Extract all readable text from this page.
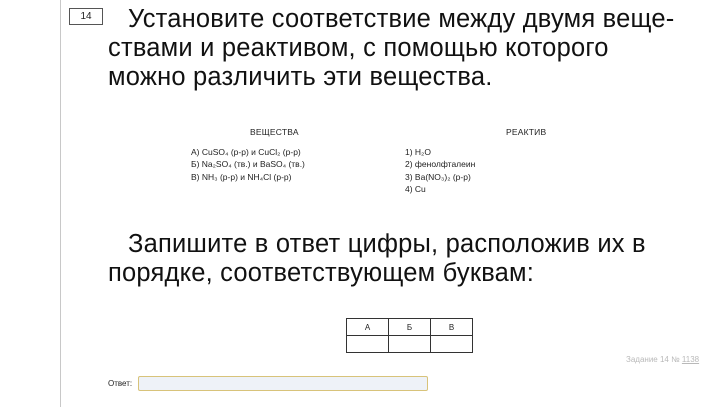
14	Установите соответствие между двумя веще-
ствами и реактивом, с помощью которого
можно различить эти вещества.
ВЕЩЕСТВА	РЕАКТИВ
А) CuSO₄ (р-р) и CuCl₂ (р-р)
Б) Na₂SO₄ (тв.) и BaSO₄ (тв.)
В) NH₃ (р-р) и NH₄Cl (р-р)
1) H₂O
2) фенолфталеин
3) Ba(NO₃)₂ (р-р)
4) Cu
Запишите в ответ цифры, расположив их в
порядке, соответствующем буквам:
А	Б	В

Задание 14 № 1138
Ответ:
